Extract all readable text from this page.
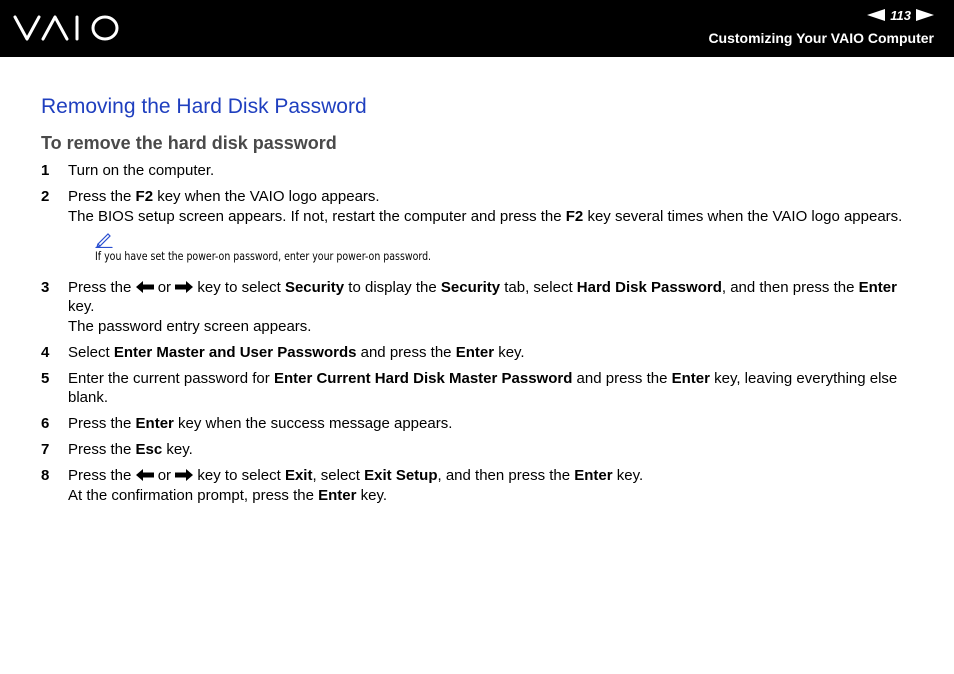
113
Customizing Your VAIO Computer
Removing the Hard Disk Password
To remove the hard disk password
1	Turn on the computer.
2	Press the F2 key when the VAIO logo appears.
The BIOS setup screen appears. If not, restart the computer and press the F2 key several times when the VAIO logo appears.
If you have set the power-on password, enter your power-on password.
3	Press the  or  key to select Security to display the Security tab, select Hard Disk Password, and then press the Enter key.
The password entry screen appears.
4	Select Enter Master and User Passwords and press the Enter key.
5	Enter the current password for Enter Current Hard Disk Master Password and press the Enter key, leaving everything else blank.
6	Press the Enter key when the success message appears.
7	Press the Esc key.
8	Press the  or  key to select Exit, select Exit Setup, and then press the Enter key.
At the confirmation prompt, press the Enter key.
